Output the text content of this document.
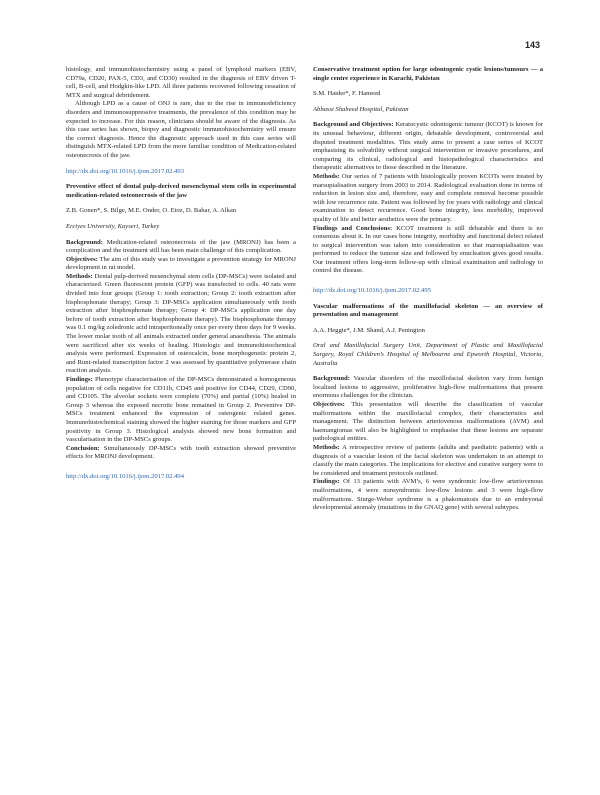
143

histology, and immunohistochemistry using a panel of lymphoid markers (EBV, CD79a, CD20, PAX-5, CD3, and CD30) resulted in the diagnosis of EBV driven T-cell, B-cell, and Hodgkin-like LPD. All three patients recovered following cessation of MTX and surgical debridement.

Although LPD as a cause of ONJ is rare, due to the rise in immunodeficiency disorders and immunosuppressive treatments, the prevalence of this condition may be expected to increase. For this reason, clinicians should be aware of the diagnosis. As this case series has shown, biopsy and diagnostic immunohistochemistry will ensure the correct diagnosis. Hence the diagnostic approach used in this case series will distinguish MTX-related LPD from the more familiar condition of Medication-related osteonecrosis of the jaw.

http://dx.doi.org/10.1016/j.ijom.2017.02.493

Preventive effect of dental pulp-derived mesenchymal stem cells in experimental medication-related osteonecrosis of the jaw

Z.B. Gonen*, S. Bilge, M.E. Onder, O. Etoz, D. Bahar, A. Alkan

Erciyes University, Kayseri, Turkey

Background: Medication-related osteonecrosis of the jaw (MRONJ) has been a complication and the treatment still has been main challenge of this complication.

Objectives: The aim of this study was to investigate a prevention strategy for MRONJ development in rat model.

Methods: Dental pulp-derived mesenchymal stem cells (DP-MSCs) were isolated and characterised. Green fluorescent protein (GFP) was transfected to cells. 40 rats were divided into four groups (Group 1: tooth extraction; Group 2: tooth extraction after bisphosphonate therapy; Group 3: DP-MSCs application simultaneously with tooth extraction after bisphosphonate therapy; Group 4: DP-MSCs application one day before of tooth extraction after bisphosphonate therapy). The bisphosphonate therapy was 0.1 mg/kg zoledronic acid intraperitoneally once per every three days for 9 weeks. The lower molar tooth of all animals extracted under general anaesthesia. The animals were sacrificed after six weeks of healing. Histologic and immunohistochemical analysis were performed. Expression of osteocalcin, bone morphogenetic protein 2, and Runt-related transcription factor 2 was assessed by quantitative polymerase chain reaction analysis.

Findings: Phenotype characterisation of the DP-MSCs demonstrated a homogeneous population of cells negative for CD11b, CD45 and positive for CD44, CD29, CD90, and CD105. The alveolar sockets were complete (70%) and partial (10%) healed in Group 3 whereas the exposed necrotic bone remained in Group 2. Preventive DP-MSCs treatment enhanced the expression of osteogenic related genes. Immunohistochemical staining showed the higher staining for those markers and GFP positivity in Group 3. Histological analysis showed new bone formation and vascularisation in the DP-MSCs groups.

Conclusion: Simultaneously DP-MSCs with tooth extraction showed preventive effects for MRONJ development.

http://dx.doi.org/10.1016/j.ijom.2017.02.494

Conservative treatment option for large odontogenic cystic lesions/tumours — a single centre experience in Karachi, Pakistan

S.M. Haider*, F. Hameed

Abbassi Shaheed Hospital, Pakistan

Background and Objectives: Keratocystic odontogenic tumour (KCOT) is known for its unusual behaviour, different origin, debatable development, controversial and disputed treatment modalities. This study aims to present a case series of KCOT emphasising its solvability without surgical intervention or invasive procedures, and comparing its clinical, radiological and histopathological characteristics and therapeutic alternatives to those described in the literature.

Methods: Our series of 7 patients with histologically proven KCOTs were treated by marsupialisation surgery from 2003 to 2014. Radiological evaluation done in terms of reduction in lesion size and, therefore, easy and complete removal become possible with low recurrence rate. Patient was followed by for years with radiology and clinical examination to detect recurrence. Good bone integrity, less morbidity, improved quality of life and better aesthetics were the primary.

Findings and Conclusions: KCOT treatment is still debatable and there is no consensus about it. In our cases bone integrity, morbidity and functional defect related to surgical intervention was taken into consideration so that marsupialisation was performed to reduce the tumour size and followed by enucleation gives good results. Our treatment offers long-term follow-up with clinical examination and radiology to control the disease.

http://dx.doi.org/10.1016/j.ijom.2017.02.495

Vascular malformations of the maxillofacial skeleton — an overview of presentation and management

A.A. Heggie*, J.M. Shand, A.J. Penington

Oral and Maxillofacial Surgery Unit, Department of Plastic and Maxillofacial Surgery, Royal Children’s Hospital of Melbourne and Epworth Hospital, Victoria, Australia

Background: Vascular disorders of the maxillofacial skeleton vary from benign localised lesions to aggressive, proliferative high-flow malformations that present enormous challenges for the clinician.

Objectives: This presentation will describe the classification of vascular malformations within the maxillofacial complex, their characteristics and management. The distinction between arteriovenous malformations (AVM) and haemangiomas will also be highlighted to emphasise that these lesions are separate pathological entities.

Methods: A retrospective review of patients (adults and paediatric patients) with a diagnosis of a vascular lesion of the facial skeleton was undertaken in an attempt to classify the main categories. The implications for elective and curative surgery were to be considered and treatment protocols outlined.

Findings: Of 13 patients with AVM’s, 6 were syndromic low-flow arteriovenous malformations, 4 were nonsyndromic low-flow lesions and 3 were high-flow malformations. Sturge-Weber syndrome is a phakomatosis due to an embryonal developmental anomaly (mutations in the GNAQ gene) with several subtypes.
